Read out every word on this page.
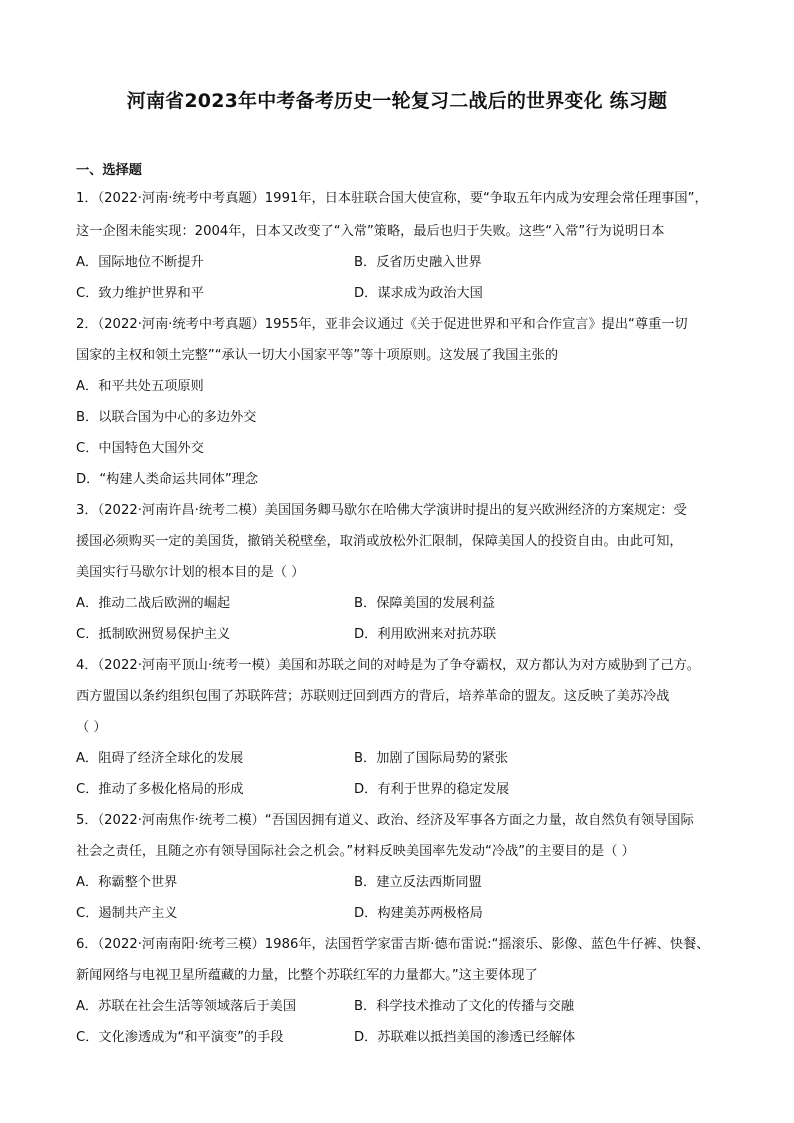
河南省2023年中考备考历史一轮复习二战后的世界变化 练习题
一、选择题
1．（2022·河南·统考中考真题）1991年，日本驻联合国大使宣称，要“争取五年内成为安理会常任理事国”，
这一企图未能实现：2004年，日本又改变了“入常”策略，最后也归于失败。这些“入常”行为说明日本
A．国际地位不断提升	B．反省历史融入世界
C．致力维护世界和平	D．谋求成为政治大国
2．（2022·河南·统考中考真题）1955年，亚非会议通过《关于促进世界和平和合作宣言》提出“尊重一切
国家的主权和领土完整”“承认一切大小国家平等”等十项原则。这发展了我国主张的
A．和平共处五项原则
B．以联合国为中心的多边外交
C．中国特色大国外交
D．“构建人类命运共同体”理念
3．（2022·河南许昌·统考二模）美国国务卿马歇尔在哈佛大学演讲时提出的复兴欧洲经济的方案规定：受
援国必须购买一定的美国货，撤销关税壁垒，取消或放松外汇限制，保障美国人的投资自由。由此可知，
美国实行马歇尔计划的根本目的是（ ）
A．推动二战后欧洲的崛起	B．保障美国的发展利益
C．抵制欧洲贸易保护主义	D．利用欧洲来对抗苏联
4．（2022·河南平顶山·统考一模）美国和苏联之间的对峙是为了争夺霸权，双方都认为对方威胁到了己方。
西方盟国以条约组织包围了苏联阵营；苏联则迂回到西方的背后，培养革命的盟友。这反映了美苏冷战
（ ）
A．阻碍了经济全球化的发展	B．加剧了国际局势的紧张
C．推动了多极化格局的形成	D．有利于世界的稳定发展
5．（2022·河南焦作·统考二模）“吾国因拥有道义、政治、经济及军事各方面之力量，故自然负有领导国际
社会之责任，且随之亦有领导国际社会之机会。”材料反映美国率先发动“冷战”的主要目的是（ ）
A．称霸整个世界	B．建立反法西斯同盟
C．遏制共产主义	D．构建美苏两极格局
6．（2022·河南南阳·统考三模）1986年，法国哲学家雷吉斯·德布雷说:“摇滚乐、影像、蓝色牛仔裤、快餐、
新闻网络与电视卫星所蕴藏的力量，比整个苏联红军的力量都大。”这主要体现了
A．苏联在社会生活等领域落后于美国	B．科学技术推动了文化的传播与交融
C．文化渗透成为“和平演变”的手段	D．苏联难以抵挡美国的渗透已经解体
